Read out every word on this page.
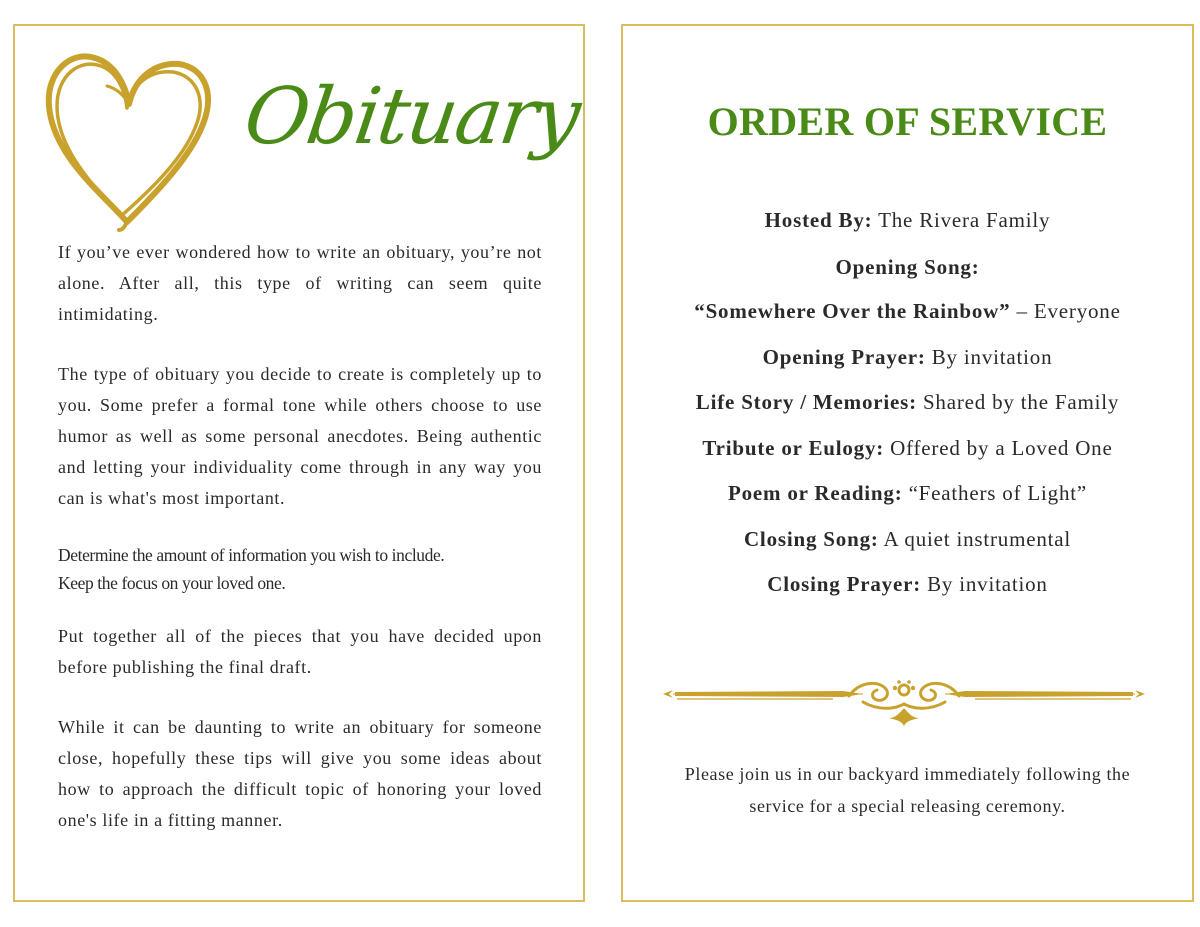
Obituary
If you’ve ever wondered how to write an obituary, you’re not alone. After all, this type of writing can seem quite intimidating.
The type of obituary you decide to create is completely up to you. Some prefer a formal tone while others choose to use humor as well as some personal anecdotes. Being authentic and letting your individuality come through in any way you can is what's most important.
Determine the amount of information you wish to include.
Keep the focus on your loved one.
Put together all of the pieces that you have decided upon before publishing the final draft.
While it can be daunting to write an obituary for someone close, hopefully these tips will give you some ideas about how to approach the difficult topic of honoring your loved one's life in a fitting manner.
ORDER OF SERVICE
Hosted By: The Rivera Family
Opening Song:
“Somewhere Over the Rainbow” – Everyone
Opening Prayer: By invitation
Life Story / Memories: Shared by the Family
Tribute or Eulogy: Offered by a Loved One
Poem or Reading: “Feathers of Light”
Closing Song: A quiet instrumental
Closing Prayer: By invitation
Please join us in our backyard immediately following the
service for a special releasing ceremony.
